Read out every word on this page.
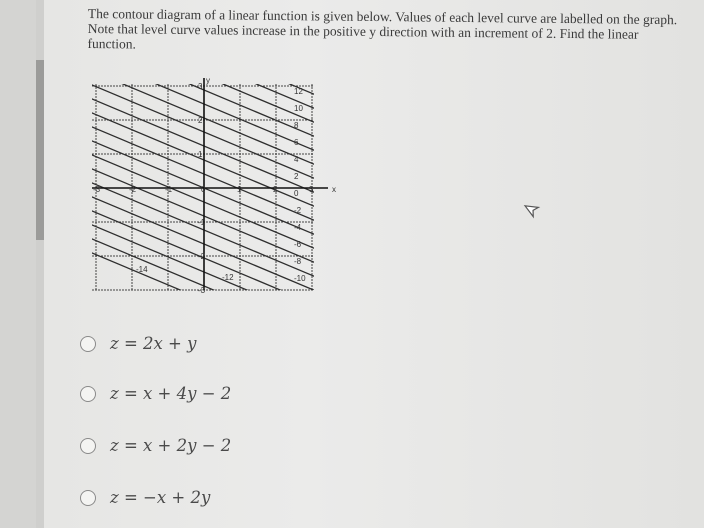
The contour diagram of a linear function is given below. Values of each level curve are labelled on the graph. Note that level curve values increase in the positive y direction with an increment of 2. Find the linear function.
x
y
-3	-2	-1	0	1	2	3
3
2
1
-1
-2
-3
12
10
8
6
4
2
0
-2
-4
-6
-8
-10
-12
-14
z = 2x + y
z = x + 4y − 2
z = x + 2y − 2
z = −x + 2y
